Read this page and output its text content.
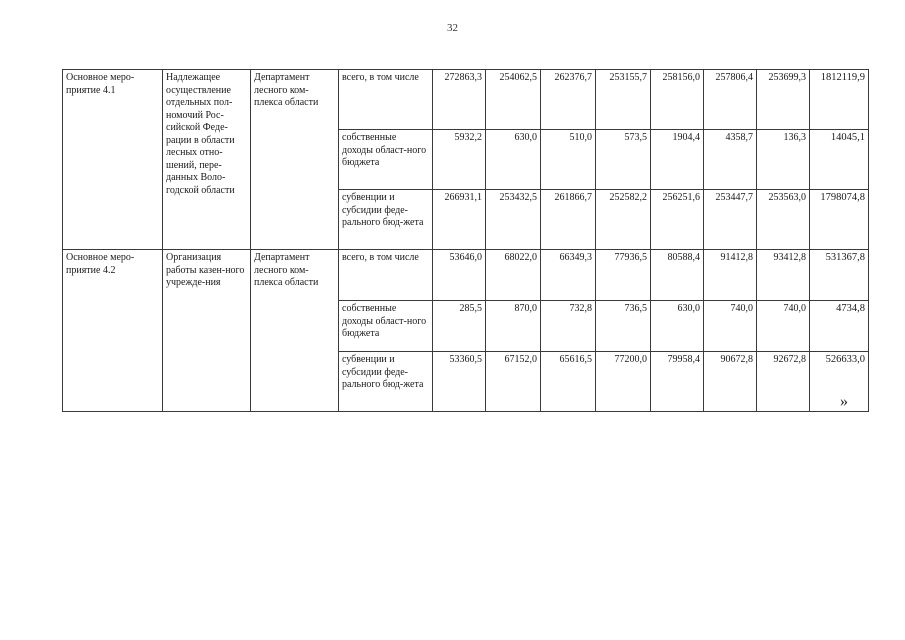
32
Основное меро-приятие 4.1	Надлежащее осуществление отдельных пол-номочий Рос-сийской Феде-рации в области лесных отно-шений, пере-данных Воло-годской области	Департамент лесного ком-плекса области	всего, в том числе	272863,3	254062,5	262376,7	253155,7	258156,0	257806,4	253699,3	1812119,9

			собственные доходы област-ного бюджета	5932,2	630,0	510,0	573,5	1904,4	4358,7	136,3	14045,1

			субвенции и субсидии феде-рального бюд-жета	266931,1	253432,5	261866,7	252582,2	256251,6	253447,7	253563,0	1798074,8

Основное меро-приятие 4.2	Организация работы казен-ного учрежде-ния	Департамент лесного ком-плекса области	всего, в том числе	53646,0	68022,0	66349,3	77936,5	80588,4	91412,8	93412,8	531367,8

			собственные доходы област-ного бюджета	285,5	870,0	732,8	736,5	630,0	740,0	740,0	4734,8

			субвенции и субсидии феде-рального бюд-жета	53360,5	67152,0	65616,5	77200,0	79958,4	90672,8	92672,8	526633,0
»
